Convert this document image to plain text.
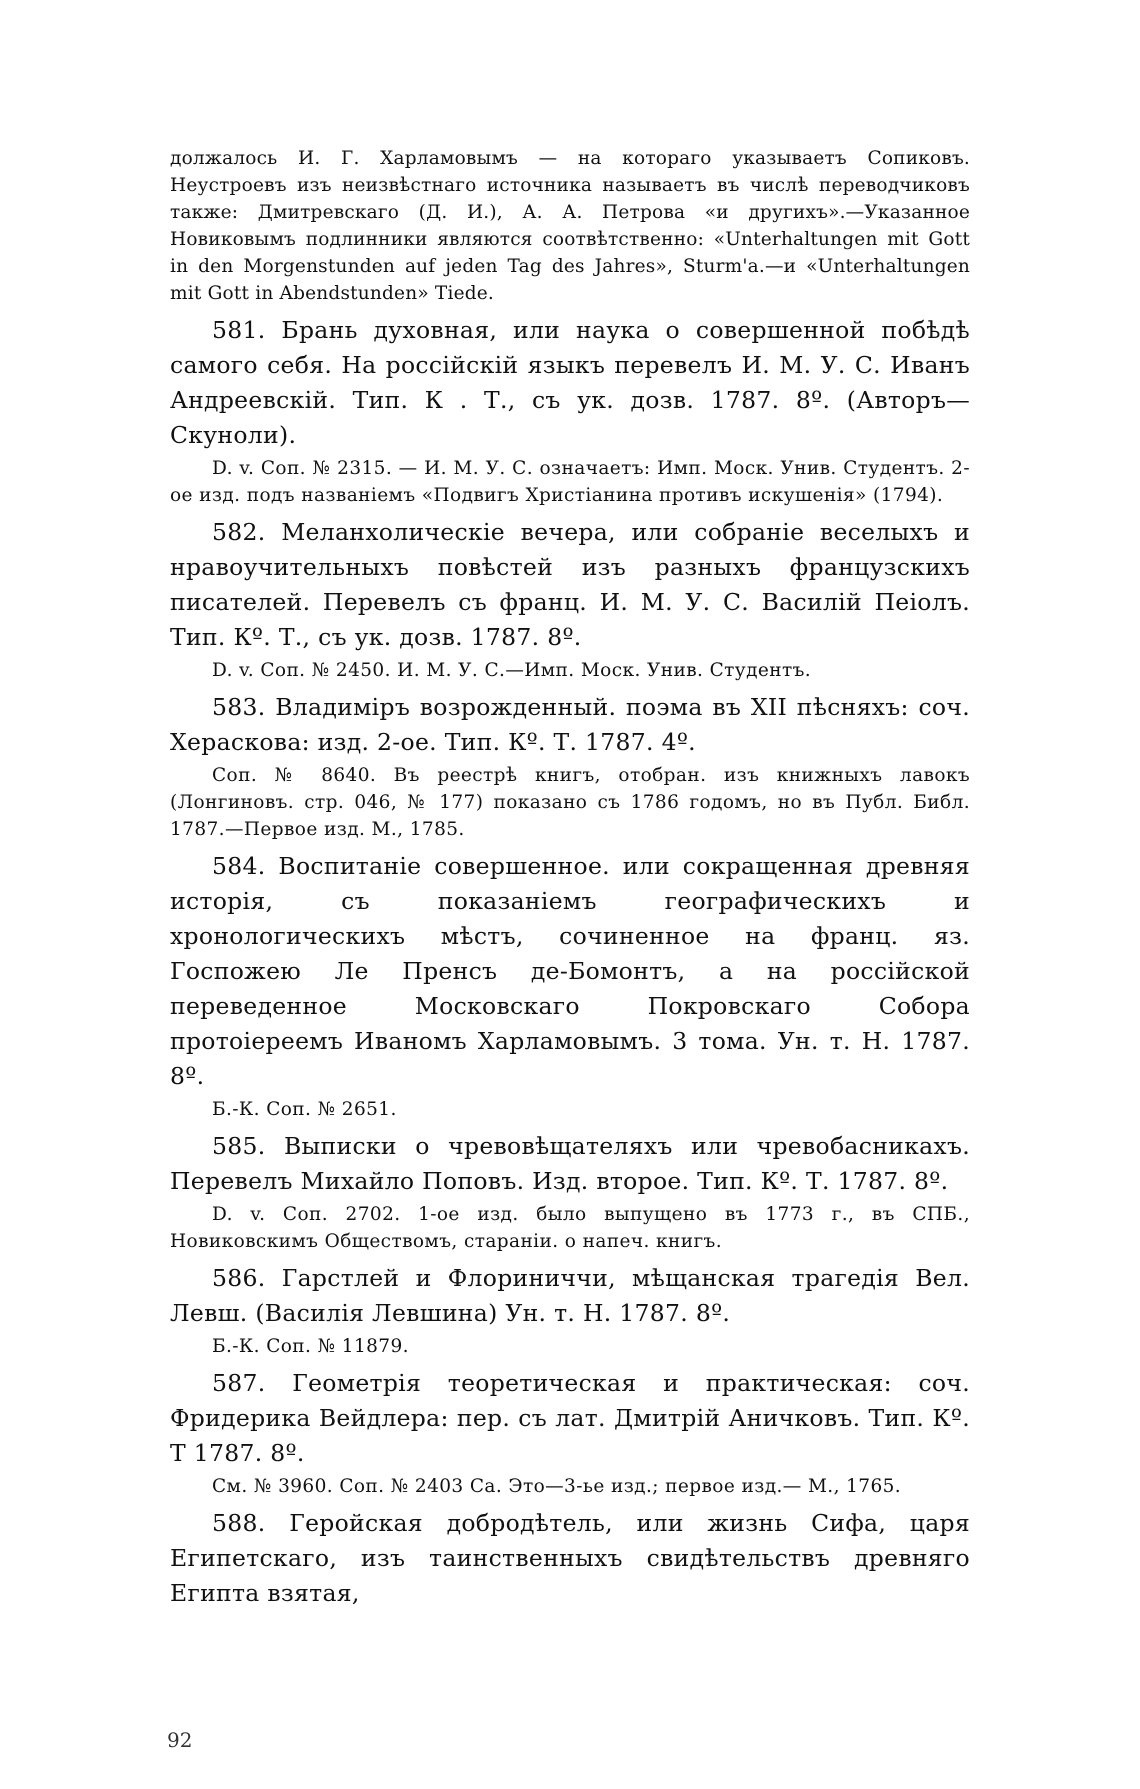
должалось И. Г. Харламовымъ — на котораго указываетъ Сопиковъ. Неустроевъ изъ неизвѣстнаго источника называетъ въ числѣ переводчиковъ также: Дмитревскаго (Д. И.), А. А. Петрова «и другихъ».—Указанное Новиковымъ подлинники являются соотвѣтственно: «Unterhaltungen mit Gott in den Morgenstunden auf jeden Tag des Jahres», Sturm'a.—и «Unterhaltungen mit Gott in Abendstunden» Tiede.

581. Брань духовная, или наука о совершенной побѣдѣ самого себя. На россійскій языкъ перевелъ И. М. У. С. Иванъ Андреевскій. Тип. К . Т., съ ук. дозв. 1787. 8º. (Авторъ—Скуноли).

D. v. Соп. № 2315. — И. М. У. С. означаетъ: Имп. Моск. Унив. Студентъ. 2-ое изд. подъ названіемъ «Подвигъ Христіанина противъ искушенія» (1794).

582. Меланхолическіе вечера, или собраніе веселыхъ и нравоучительныхъ повѣстей изъ разныхъ французскихъ писателей. Перевелъ съ франц. И. М. У. С. Василій Пеіолъ. Тип. Кº. Т., съ ук. дозв. 1787. 8º.

D. v. Соп. № 2450. И. М. У. С.—Имп. Моск. Унив. Студентъ.

583. Владиміръ возрожденный. поэма въ XII пѣсняхъ: соч. Хераскова: изд. 2-ое. Тип. Кº. Т. 1787. 4º.

Соп. № 8640. Въ реестрѣ книгъ, отобран. изъ книжныхъ лавокъ (Лонгиновъ. стр. 046, № 177) показано съ 1786 годомъ, но въ Публ. Библ. 1787.—Первое изд. М., 1785.

584. Воспитаніе совершенное. или сокращенная древняя исторія, съ показаніемъ географическихъ и хронологическихъ мѣстъ, сочиненное на франц. яз. Госпожею Ле Пренсъ де-Бомонтъ, а на россійской переведенное Московскаго Покровскаго Собора протоіереемъ Иваномъ Харламовымъ. 3 тома. Ун. т. Н. 1787. 8º.

Б.-К. Соп. № 2651.

585. Выписки о чревовѣщателяхъ или чревобасникахъ. Перевелъ Михайло Поповъ. Изд. второе. Тип. Кº. Т. 1787. 8º.

D. v. Соп. 2702. 1-ое изд. было выпущено въ 1773 г., въ СПБ., Новиковскимъ Обществомъ, стараніи. о напеч. книгъ.

586. Гарстлей и Флориниччи, мѣщанская трагедія Вел. Левш. (Василія Левшина) Ун. т. Н. 1787. 8º.

Б.-К. Соп. № 11879.

587. Геометрія теоретическая и практическая: соч. Фридерика Вейдлера: пер. съ лат. Дмитрій Аничковъ. Тип. Кº. Т 1787. 8º.

См. № 3960. Соп. № 2403 Са. Это—3-ье изд.; первое изд.— М., 1765.

588. Геройская добродѣтель, или жизнь Сифа, царя Египетскаго, изъ таинственныхъ свидѣтельствъ древняго Египта взятая,

92
